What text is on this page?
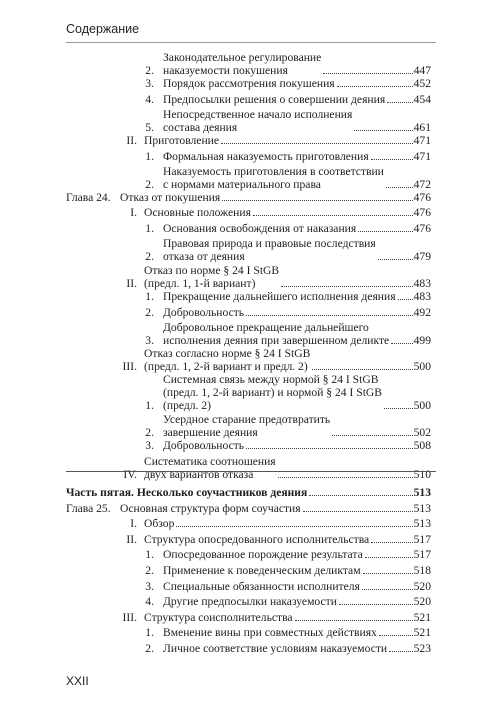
Содержание
2.
Законодательное регулирование
наказуемости покушения	447
3. Порядок рассмотрения покушения	452
4. Предпосылки решения о совершении деяния 454
5.
Непосредственное начало исполнения
состава деяния	461
II. Приготовление	471
1. Формальная наказуемость приготовления	471
2.
Наказуемость приготовления в соответствии
с нормами материального права	472
Глава 24. Отказ от покушения	476
I. Основные положения	476
1. Основания освобождения от наказания	476
2.
Правовая природа и правовые последствия
отказа от деяния	479
II.
Отказ по норме § 24 I StGB
(предл. 1, 1-й вариант)	483
1. Прекращение дальнейшего исполнения деяния 483
2. Добровольность	492
3.
Добровольное прекращение дальнейшего
исполнения деяния при завершенном деликте 499
III.
Отказ согласно норме § 24 I StGB
(предл. 1, 2-й вариант и предл. 2)	500
1.
Системная связь между нормой § 24 I StGB
(предл. 1, 2-й вариант) и нормой § 24 I StGB
(предл. 2)	500
2.
Усердное старание предотвратить
завершение деяния	502
3. Добровольность	508
IV.
Систематика соотношения
двух вариантов отказа	510
Часть пятая. Несколько соучастников деяния	513
Глава 25. Основная структура форм соучастия	513
I. Обзор	513
II. Структура опосредованного исполнительства	517
1. Опосредованное порождение результата	517
2. Применение к поведенческим деликтам	518
3. Специальные обязанности исполнителя	520
4. Другие предпосылки наказуемости	520
III. Структура соисполнительства	521
1. Вменение вины при совместных действиях	521
2. Личное соответствие условиям наказуемости 523
XXII
